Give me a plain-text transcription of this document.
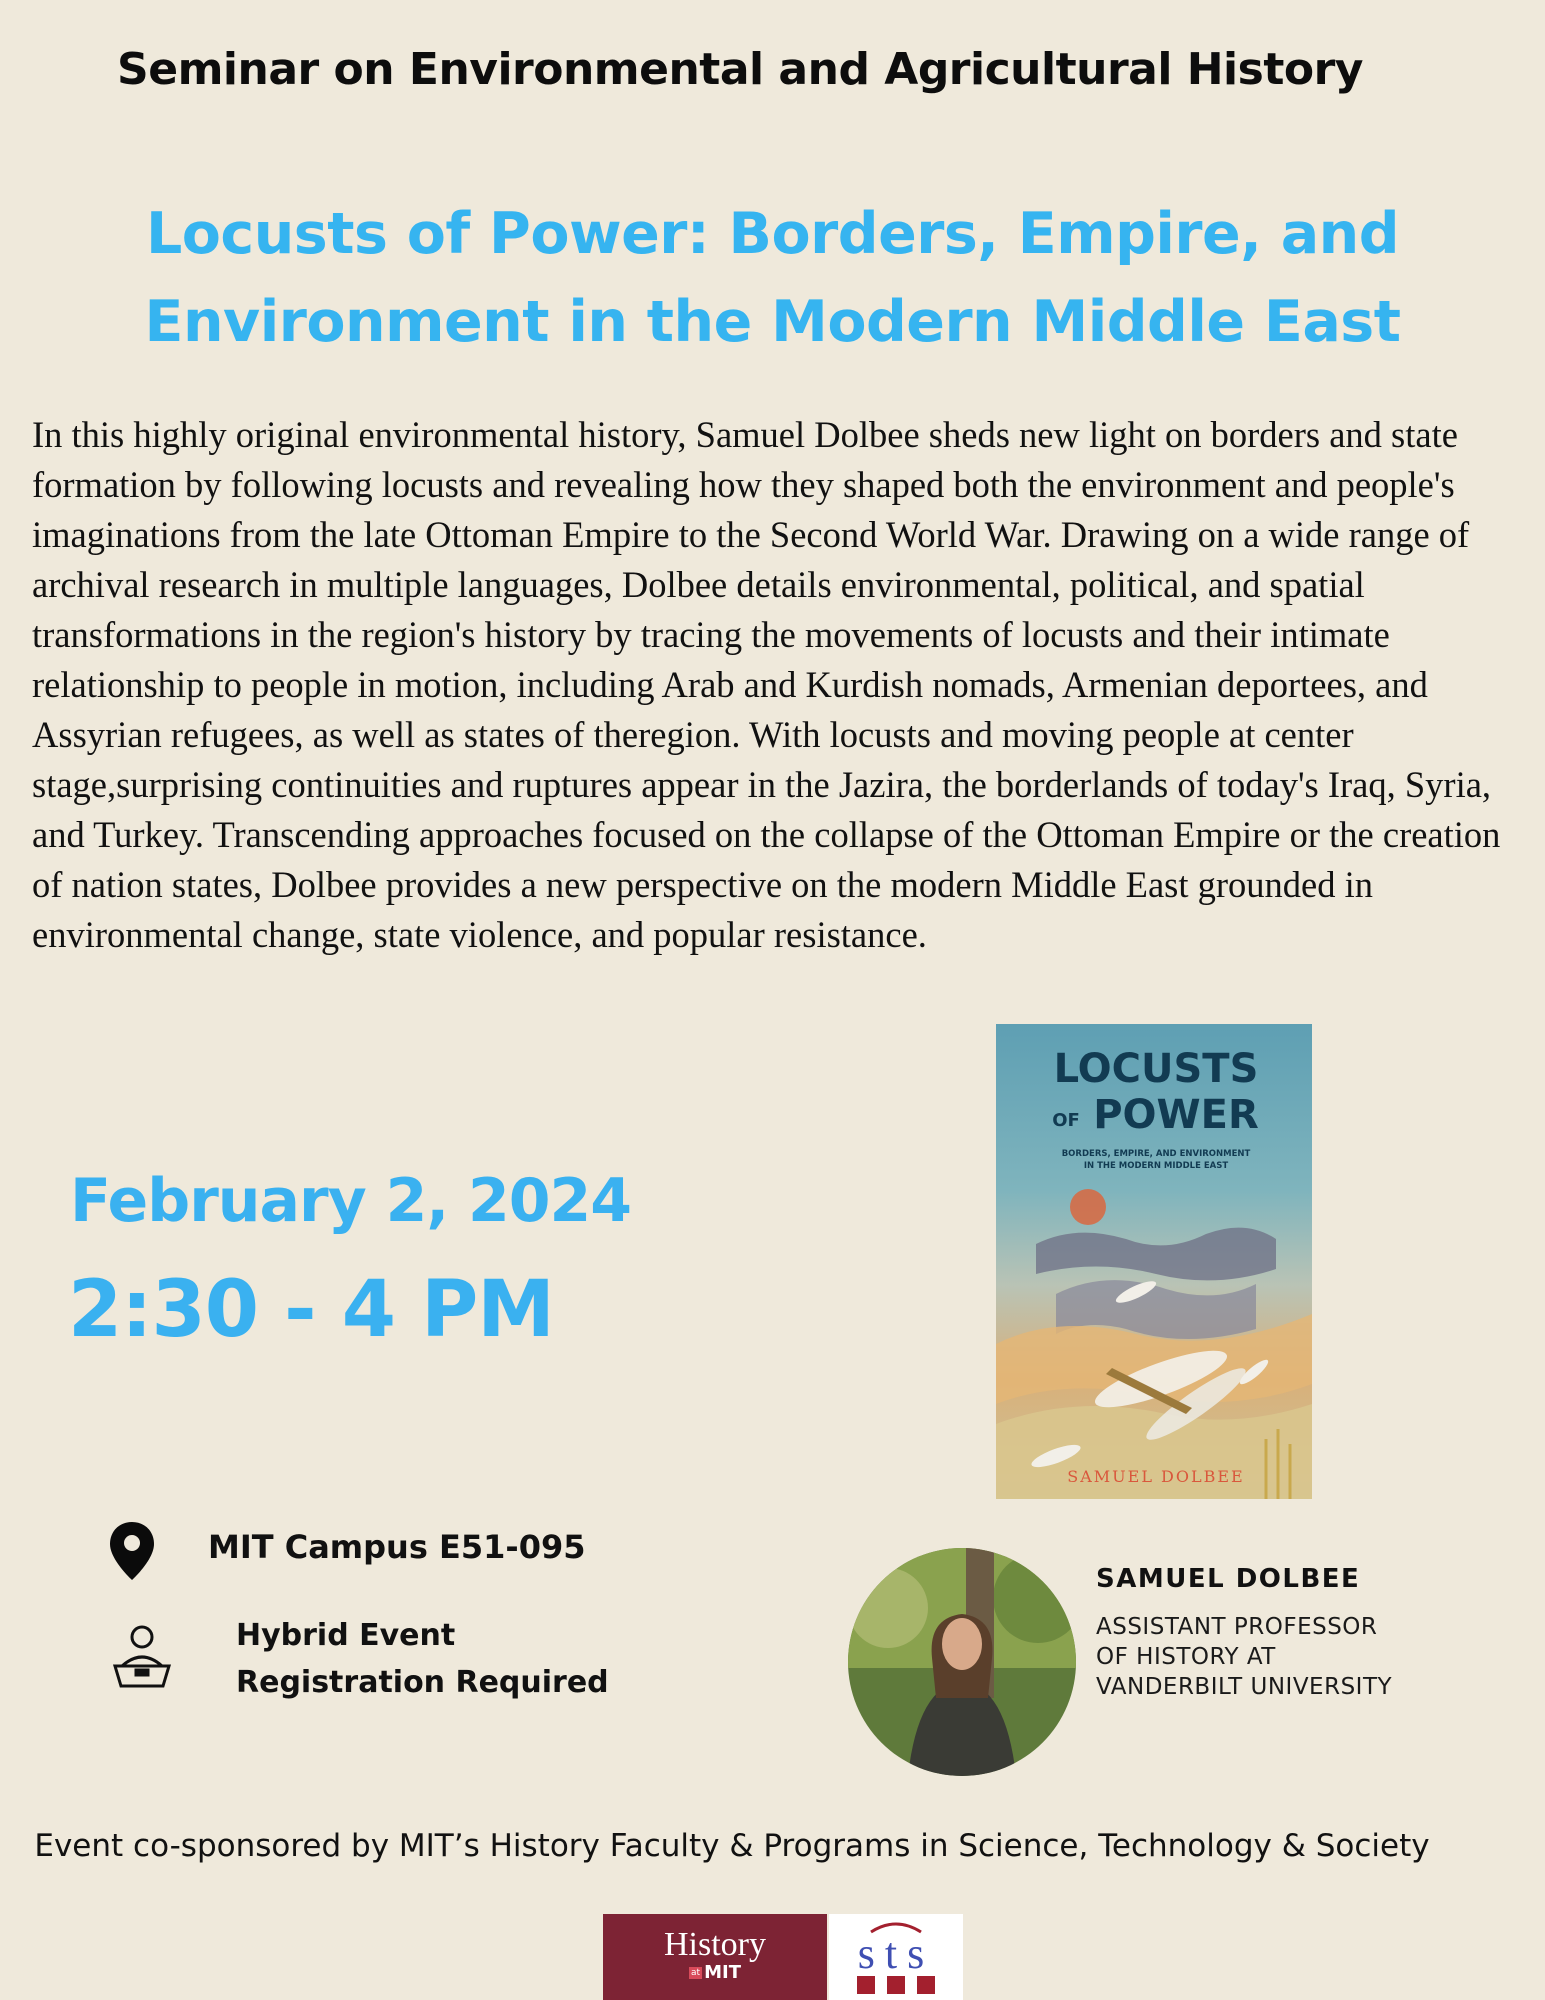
Seminar on Environmental and Agricultural History
Locusts of Power: Borders, Empire, and
Environment in the Modern Middle East
In this highly original environmental history, Samuel Dolbee sheds new light on borders and state formation by following locusts and revealing how they shaped both the environment and people's imaginations from the late Ottoman Empire to the Second World War. Drawing on a wide range of archival research in multiple languages, Dolbee details environmental, political, and spatial transformations in the region's history by tracing the movements of locusts and their intimate relationship to people in motion, including Arab and Kurdish nomads, Armenian deportees, and Assyrian refugees, as well as states of theregion. With locusts and moving people at center stage,surprising continuities and ruptures appear in the Jazira, the borderlands of today's Iraq, Syria, and Turkey. Transcending approaches focused on the collapse of the Ottoman Empire or the creation of nation states, Dolbee provides a new perspective on the modern Middle East grounded in environmental change, state violence, and popular resistance.
February 2, 2024
2:30 - 4 PM
LOCUSTS
OF POWER
BORDERS, EMPIRE, AND ENVIRONMENT
IN THE MODERN MIDDLE EAST
SAMUEL DOLBEE
MIT Campus E51-095
Hybrid Event
Registration Required
SAMUEL DOLBEE
ASSISTANT PROFESSOR
OF HISTORY AT
VANDERBILT UNIVERSITY
Event co-sponsored by MIT’s History Faculty & Programs in Science, Technology & Society
History
at MIT	sts
